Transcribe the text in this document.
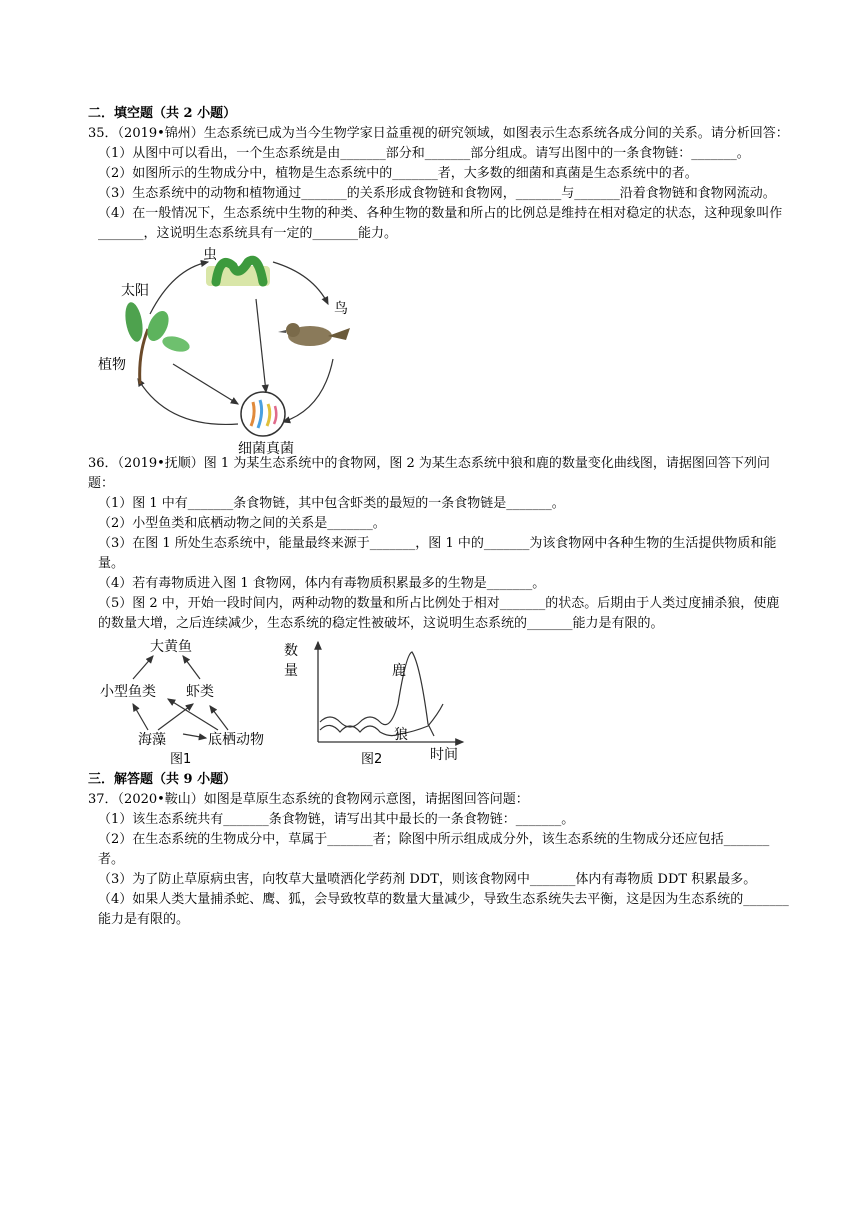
二．填空题（共 2 小题）

35．（2019•锦州）生态系统已成为当今生物学家日益重视的研究领域，如图表示生态系统各成分间的关系。请分析回答：

（1）从图中可以看出，一个生态系统是由_______部分和_______部分组成。请写出图中的一条食物链：_______。

（2）如图所示的生物成分中，植物是生态系统中的_______者，大多数的细菌和真菌是生态系统中的者。

（3）生态系统中的动物和植物通过_______的关系形成食物链和食物网，_______与_______沿着食物链和食物网流动。

（4）在一般情况下，生态系统中生物的种类、各种生物的数量和所占的比例总是维持在相对稳定的状态，这种现象叫作_______，这说明生态系统具有一定的_______能力。

太阳
虫
鸟
植物
细菌真菌

36．（2019•抚顺）图 1 为某生态系统中的食物网，图 2 为某生态系统中狼和鹿的数量变化曲线图，请据图回答下列问题：

（1）图 1 中有_______条食物链，其中包含虾类的最短的一条食物链是_______。

（2）小型鱼类和底栖动物之间的关系是_______。

（3）在图 1 所处生态系统中，能量最终来源于_______，图 1 中的_______为该食物网中各种生物的生活提供物质和能量。

（4）若有毒物质进入图 1 食物网，体内有毒物质积累最多的生物是_______。

（5）图 2 中，开始一段时间内，两种动物的数量和所占比例处于相对_______的状态。后期由于人类过度捕杀狼，使鹿的数量大增，之后连续减少，生态系统的稳定性被破坏，这说明生态系统的_______能力是有限的。

大黄鱼
小型鱼类 虾类
海藻	底栖动物
图1
数
量	鹿
狼
时间
图2

三．解答题（共 9 小题）

37．（2020•鞍山）如图是草原生态系统的食物网示意图，请据图回答问题：

（1）该生态系统共有_______条食物链，请写出其中最长的一条食物链：_______。

（2）在生态系统的生物成分中，草属于_______者；除图中所示组成成分外，该生态系统的生物成分还应包括_______者。

（3）为了防止草原病虫害，向牧草大量喷洒化学药剂 DDT，则该食物网中_______体内有毒物质 DDT 积累最多。

（4）如果人类大量捕杀蛇、鹰、狐，会导致牧草的数量大量减少，导致生态系统失去平衡，这是因为生态系统的_______能力是有限的。
